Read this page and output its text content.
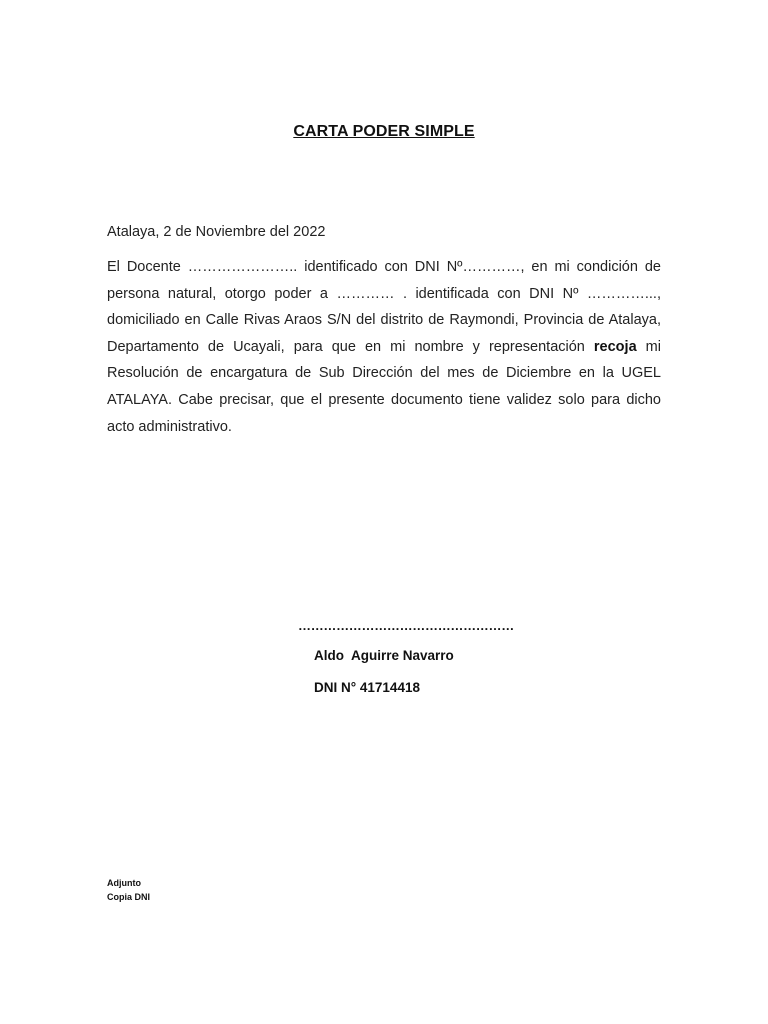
CARTA PODER SIMPLE
Atalaya, 2 de Noviembre del 2022
El Docente ………………….. identificado con DNI Nº…………, en mi condición de persona natural, otorgo poder a ………… . identificada con DNI Nº …………..., domiciliado en Calle Rivas Araos S/N del distrito de Raymondi, Provincia de Atalaya, Departamento de Ucayali, para que en mi nombre y representación recoja mi Resolución de encargatura de Sub Dirección del mes de Diciembre en la UGEL ATALAYA. Cabe precisar, que el presente documento tiene validez solo para dicho acto administrativo.
……………………………………………
Aldo  Aguirre Navarro
DNI N° 41714418
Adjunto
Copia DNI
